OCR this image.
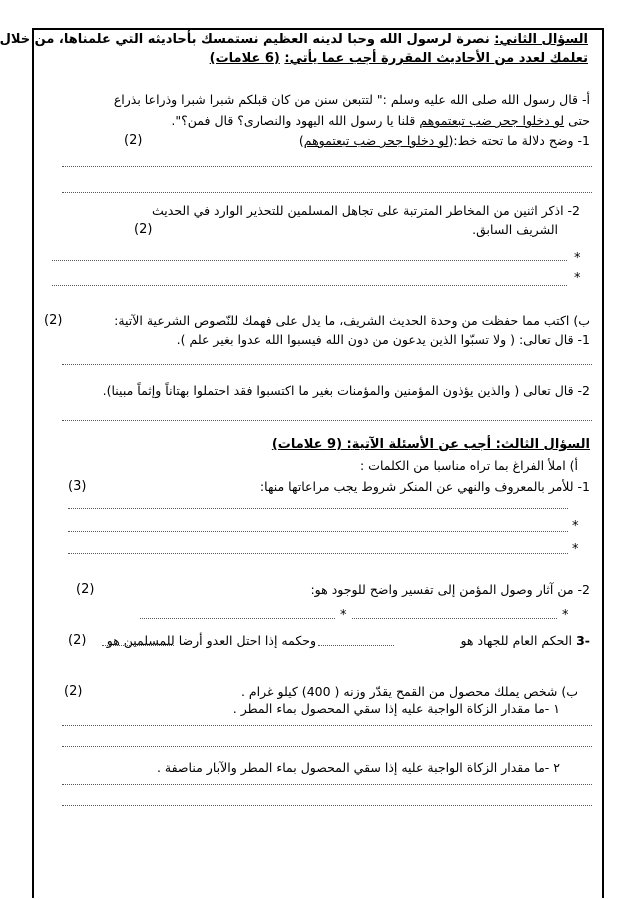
السؤال الثاني: نصرة لرسول الله وحبا لدينه العظيم نستمسك بأحاديثه التي علمناها، من خلال
تعلمك لعدد من الأحاديث المقررة أجب عما يأتي: (6 علامات)
أ- قال رسول الله صلى الله عليه وسلم :" لتتبعن سنن من كان قبلكم شبرا شبرا وذراعا بذراع
حتى لو دخلوا جحر ضب تبعتموهم قلنا يا رسول الله اليهود والنصارى؟ قال فمن؟".
1- وضح دلالة ما تحته خط:(لو دخلوا جحر ضب تبعتموهم)
(2)
2- اذكر اثنين من المخاطر المترتبة على تجاهل المسلمين للتحذير الوارد في الحديث
الشريف السابق.
(2)
*
*
ب) اكتب مما حفظت من وحدة الحديث الشريف، ما يدل على فهمك للنّصوص الشرعية الآتية:
(2)
1- قال تعالى: ( ولا تسبّوا الذين يدعون من دون الله فيسبوا الله عدوا بغير علم ).
2- قال تعالى ( والذين يؤذون المؤمنين والمؤمنات بغير ما اكتسبوا فقد احتملوا بهتاناً وإثماً مبينا).
السؤال الثالث: أجب عن الأسئلة الآتية: (9 علامات)
أ) املأ الفراغ بما تراه مناسبا من الكلمات :
1- للأمر بالمعروف والنهي عن المنكر شروط يجب مراعاتها منها:
(3)
*
*
2- من آثار وصول المؤمن إلى تفسير واضح للوجود هو:
(2)
*
*
3-
الحكم العام للجهاد هو
وحكمه إذا احتل العدو أرضا للمسلمين هو
(2)
ب) شخص يملك محصول من القمح يقدّر وزنه ( 400) كيلو غرام .
(2)
١ -ما مقدار الزكاة الواجبة عليه إذا سقي المحصول بماء المطر .
٢ -ما مقدار الزكاة الواجبة عليه إذا سقي المحصول بماء المطر والآبار مناصفة .
